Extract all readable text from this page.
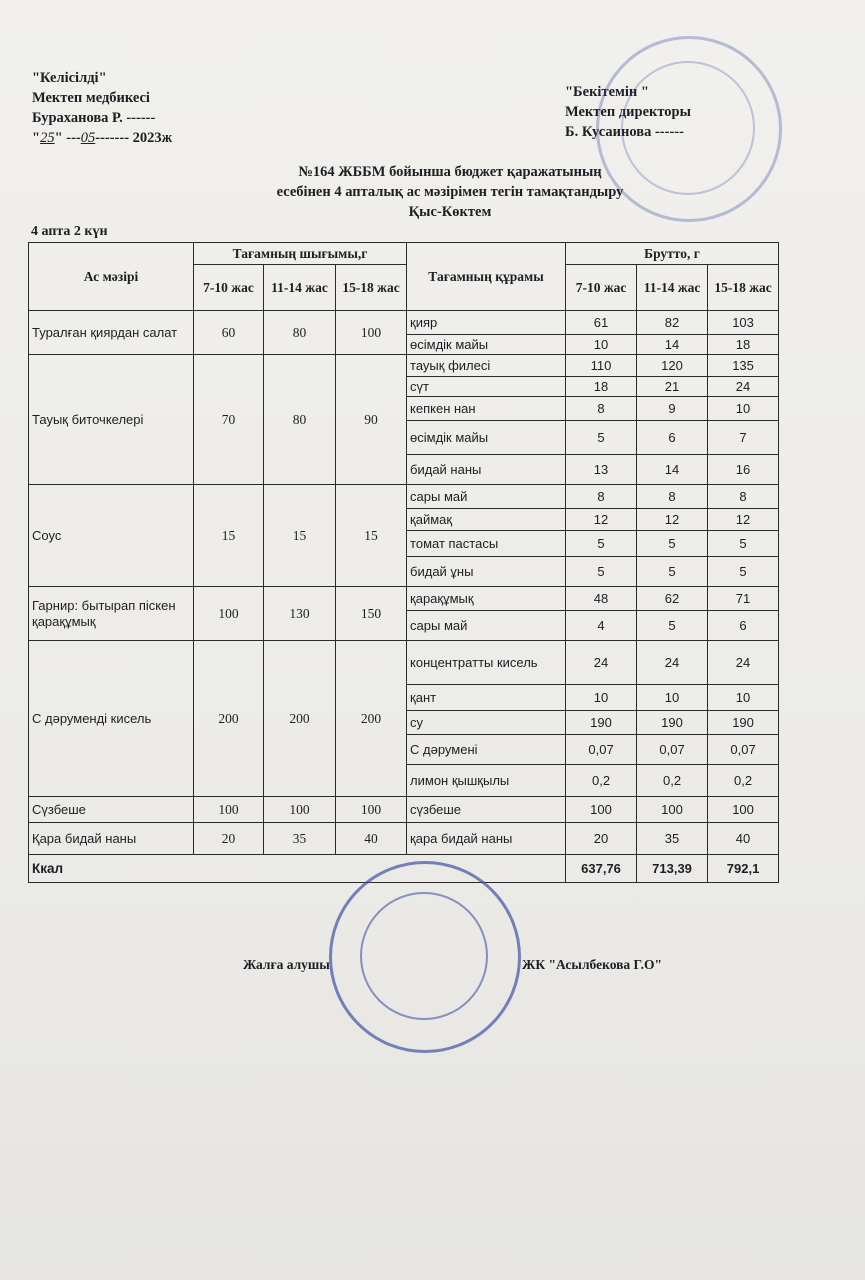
"Келісілді"
Мектеп медбикесі
Бураханова Р. ------
"25" ---05------- 2023ж
"Бекітемін "
Мектеп директоры
Б. Кусаинова ------
№164 ЖББМ бойынша бюджет қаражатының
есебінен 4 апталық ас мәзірімен тегін тамақтандыру
Қыс-Көктем
4 апта 2 күн
Ас мәзірі	Тағамның шығымы,г			Тағамның құрамы	Брутто, г		
	7-10 жас	11-14 жас	15-18 жас		7-10 жас	11-14 жас	15-18 жас
Туралған қиярдан салат	60	80	100	қияр	61	82	103
				өсімдік майы	10	14	18
Тауық биточкелері	70	80	90	тауық филесі	110	120	135
				сүт	18	21	24
				кепкен нан	8	9	10
				өсімдік майы	5	6	7
				бидай наны	13	14	16
Соус	15	15	15	сары май	8	8	8
				қаймақ	12	12	12
				томат пастасы	5	5	5
				бидай ұны	5	5	5
Гарнир: бытырап піскен қарақұмық	100	130	150	қарақұмық	48	62	71
				сары май	4	5	6
С дәруменді кисель	200	200	200	концентратты кисель	24	24	24
				қант	10	10	10
				су	190	190	190
				С дәрумені	0,07	0,07	0,07
				лимон қышқылы	0,2	0,2	0,2
Сүзбеше	100	100	100	сүзбеше	100	100	100
Қара бидай наны	20	35	40	қара бидай наны	20	35	40
Ккал					637,76	713,39	792,1
Жалға алушы	ЖК "Асылбекова Г.О"
